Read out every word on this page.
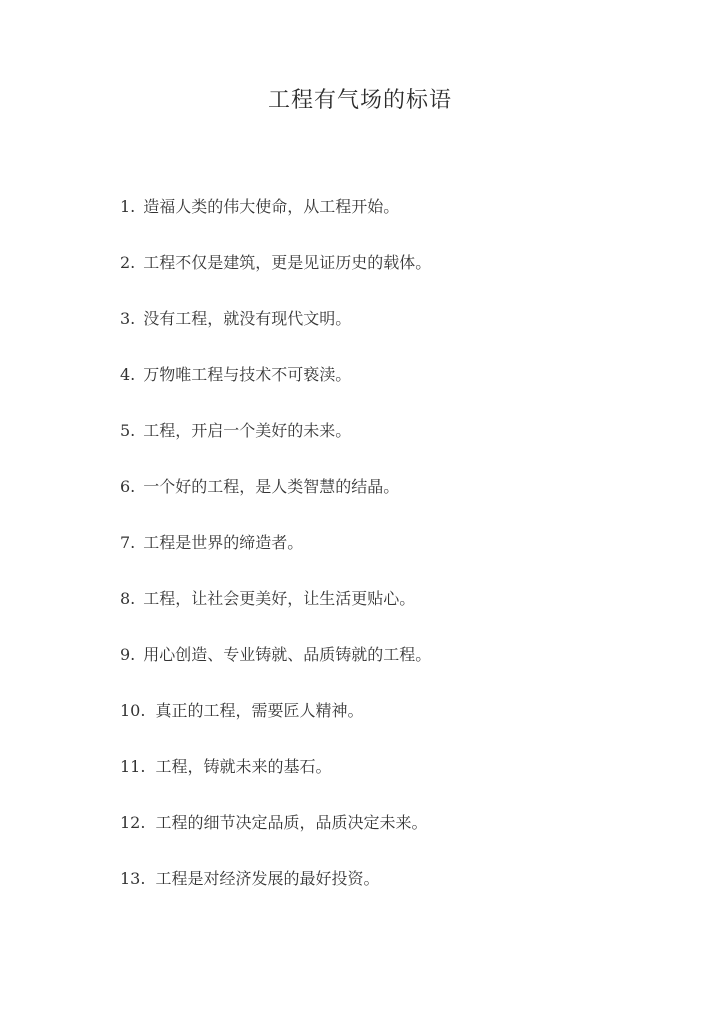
工程有气场的标语
1. 造福人类的伟大使命，从工程开始。
2. 工程不仅是建筑，更是见证历史的载体。
3. 没有工程，就没有现代文明。
4. 万物唯工程与技术不可亵渎。
5. 工程，开启一个美好的未来。
6. 一个好的工程，是人类智慧的结晶。
7. 工程是世界的缔造者。
8. 工程，让社会更美好，让生活更贴心。
9. 用心创造、专业铸就、品质铸就的工程。
10. 真正的工程，需要匠人精神。
11. 工程，铸就未来的基石。
12. 工程的细节决定品质，品质决定未来。
13. 工程是对经济发展的最好投资。
